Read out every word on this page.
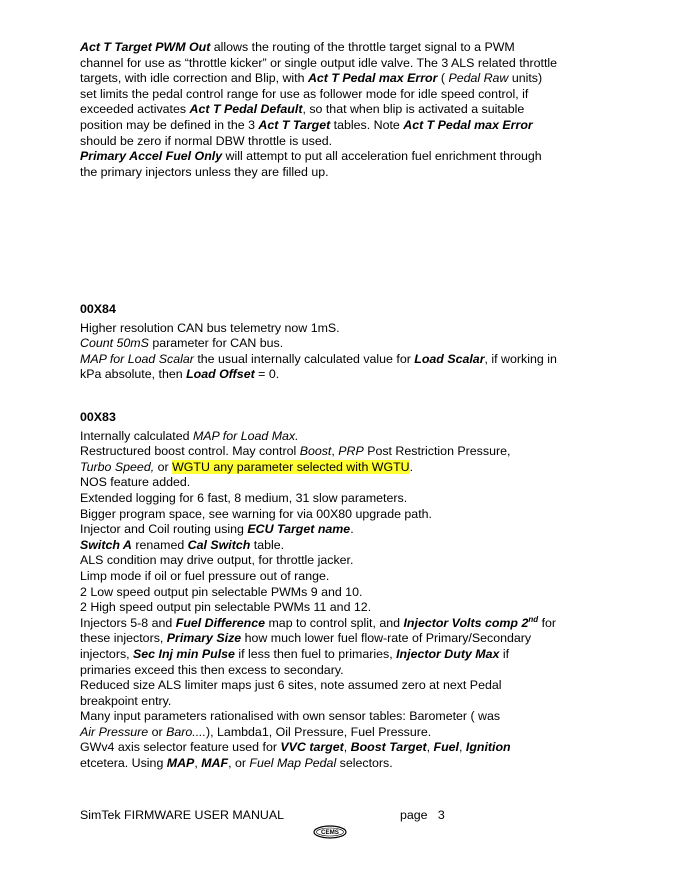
Act T Target PWM Out allows the routing of the throttle target signal to a PWM

channel for use as “throttle kicker” or single output idle valve. The 3 ALS related throttle

targets, with idle correction and Blip, with Act T Pedal max Error ( Pedal Raw units)

set limits the pedal control range for use as follower mode for idle speed control, if

exceeded activates Act T Pedal Default, so that when blip is activated a suitable

position may be defined in the 3 Act T Target tables. Note Act T Pedal max Error

should be zero if normal DBW throttle is used.

Primary Accel Fuel Only will attempt to put all acceleration fuel enrichment through

the primary injectors unless they are filled up.

00X84

Higher resolution CAN bus telemetry now 1mS.

Count 50mS parameter for CAN bus.

MAP for Load Scalar the usual internally calculated value for Load Scalar, if working in

kPa absolute, then Load Offset = 0.

00X83

Internally calculated MAP for Load Max.

Restructured boost control. May control Boost, PRP Post Restriction Pressure,

Turbo Speed, or WGTU any parameter selected with WGTU.

NOS feature added.

Extended logging for 6 fast, 8 medium, 31 slow parameters.

Bigger program space, see warning for via 00X80 upgrade path.

Injector and Coil routing using ECU Target name.

Switch A renamed Cal Switch table.

ALS condition may drive output, for throttle jacker.

Limp mode if oil or fuel pressure out of range.

2 Low speed output pin selectable PWMs 9 and 10.

2 High speed output pin selectable PWMs 11 and 12.

Injectors 5-8 and Fuel Difference map to control split, and Injector Volts comp 2nd for

these injectors, Primary Size how much lower fuel flow-rate of Primary/Secondary

injectors, Sec Inj min Pulse if less then fuel to primaries, Injector Duty Max if

primaries exceed this then excess to secondary.

Reduced size ALS limiter maps just 6 sites, note assumed zero at next Pedal

breakpoint entry.

Many input parameters rationalised with own sensor tables: Barometer ( was

Air Pressure or Baro....), Lambda1, Oil Pressure, Fuel Pressure.

GWv4 axis selector feature used for VVC target, Boost Target, Fuel, Ignition

etcetera. Using MAP, MAF, or Fuel Map Pedal selectors.

SimTek FIRMWARE USER MANUAL	page 3
CEMS
